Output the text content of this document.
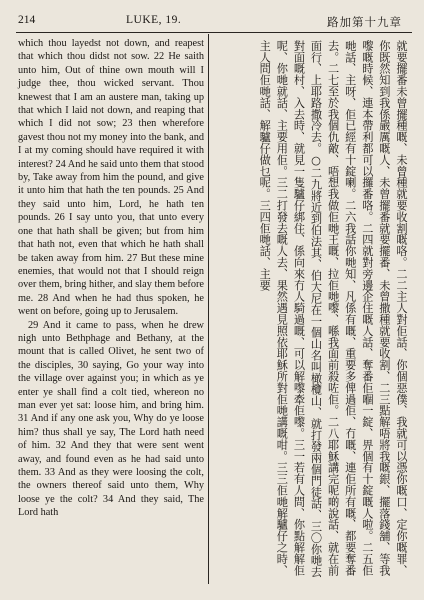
214	LUKE, 19.	路加第十九章

which thou layedst not down, and reapest that which thou didst not sow. 22 He saith unto him, Out of thine own mouth will I judge thee, thou wicked servant. Thou knewest that I am an austere man, taking up that which I laid not down, and reaping that which I did not sow; 23 then wherefore gavest thou not my money into the bank, and I at my coming should have required it with interest? 24 And he said unto them that stood by, Take away from him the pound, and give it unto him that hath the ten pounds. 25 And they said unto him, Lord, he hath ten pounds. 26 I say unto you, that unto every one that hath shall be given; but from him that hath not, even that which he hath shall be taken away from him. 27 But these mine enemies, that would not that I should reign over them, bring hither, and slay them before me. 28 And when he had thus spoken, he went on before, going up to Jerusalem.

29 And it came to pass, when he drew nigh unto Bethphage and Bethany, at the mount that is called Olivet, he sent two of the disciples, 30 saying, Go your way into the village over against you; in which as ye enter ye shall find a colt tied, whereon no man ever yet sat: loose him, and bring him. 31 And if any one ask you, Why do ye loose him? thus shall ye say, The Lord hath need of him. 32 And they that were sent went away, and found even as he had said unto them. 33 And as they were loosing the colt, the owners thereof said unto them, Why loose ye the colt? 34 And they said, The Lord hath	就要擺番未曾擺種嘅、未曾種就要收割嘅咯。二二主人對佢話、你個惡僕、我就可以憑你嘅口、定你嘅罪、你既然知到我係嚴厲嘅人、未曾擺番就要擺番、未曾撒種就要收割、二三點解唔將我嘅銀、擺落錢舖、等我嚟嘅時候、連本帶利都可以攞番咯。二四就對旁邊企住嘅人話、奪番佢嗰一錠、畀個有十錠嘅人啦。二五佢哋話、主呀、佢已經有十錠喇。二六我話你哋知、凡係有嘅、重要多俾過佢、冇嘅、連佢所有嘅、都要奪番去。二七至於我個仇敵、唔想我做佢哋王嘅、拉佢哋嚟、喺我面前殺咗佢。二八耶穌講完呢啲說話、就在前面行、上耶路撒冷去。○二九將近到伯法其、伯大尼在一個山名叫橄欖山、就打發兩個門徒話、三〇你哋去對面嘅村、入去時、就見一隻驢仔綁住、係向來冇人騎過嘅、可以解嚟牽佢嚟。三一若有人問、你點解解佢呢、你哋就話、主要用佢。三二打發去嘅人去、果然遇見照依耶穌所對佢哋講嘅咁。三三佢哋解驢仔之時、主人問佢哋話、解驢仔做乜呢。三四佢哋話、主要
